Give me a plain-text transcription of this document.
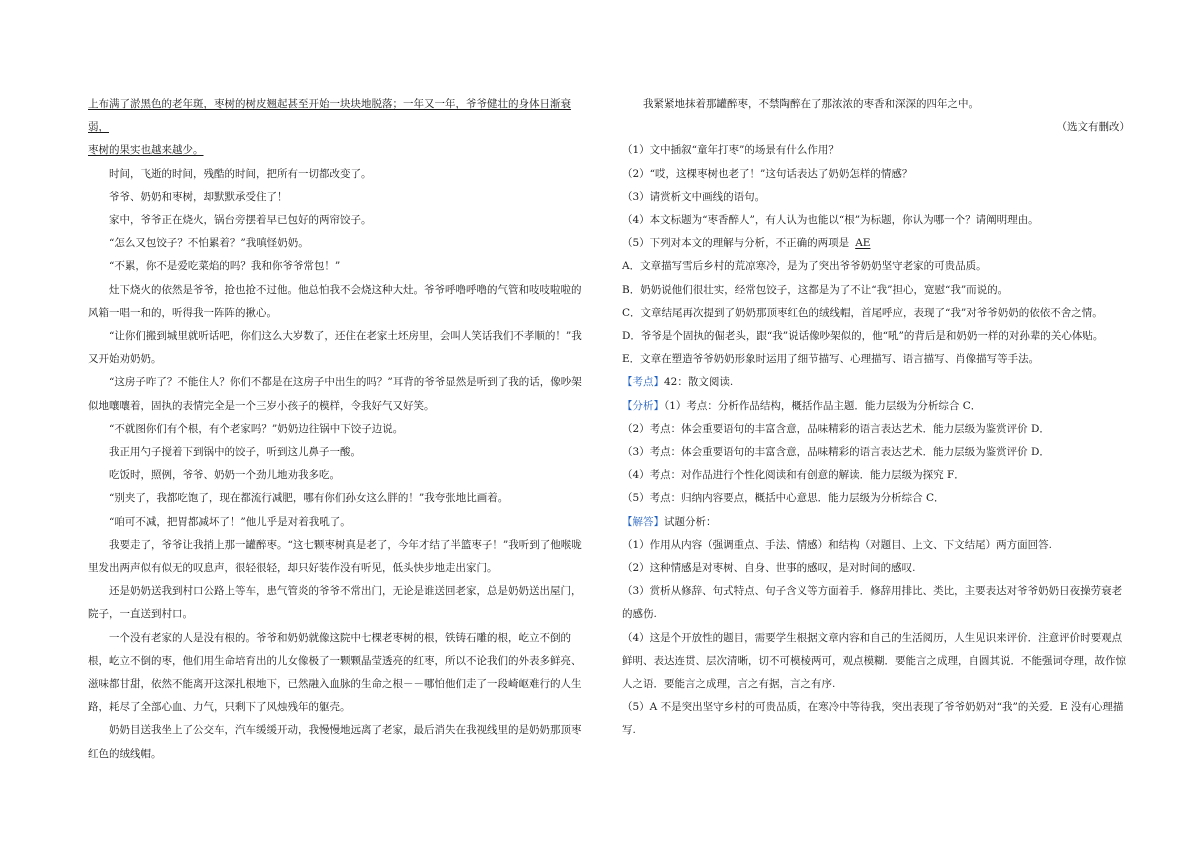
上布满了淤黑色的老年斑，枣树的树皮翘起甚至开始一块块地脱落；一年又一年，爷爷健壮的身体日渐衰弱，

枣树的果实也越来越少。

时间，飞逝的时间，残酷的时间，把所有一切都改变了。

爷爷、奶奶和枣树，却默默承受住了！

家中，爷爷正在烧火，锅台旁摆着早已包好的两帘饺子。

“怎么又包饺子？不怕累着？”我嗔怪奶奶。

“不累，你不是爱吃菜焰的吗？我和你爷爷常包！”

灶下烧火的依然是爷爷，抢也抢不过他。他总怕我不会烧这种大灶。爷爷呼噜呼噜的气管和吱吱啦啦的风箱一唱一和的，听得我一阵阵的揪心。

“让你们搬到城里就听话吧，你们这么大岁数了，还住在老家土坯房里，会叫人笑话我们不孝顺的！”我又开始劝奶奶。

“这房子咋了？不能住人？你们不都是在这房子中出生的吗？”耳背的爷爷显然是听到了我的话，像吵架似地嚷嚷着，固执的表情完全是一个三岁小孩子的模样，令我好气又好笑。

“不就图你们有个根，有个老家吗？”奶奶边往锅中下饺子边说。

我正用勺子搅着下到锅中的饺子，听到这儿鼻子一酸。

吃饭时，照例，爷爷、奶奶一个劲儿地劝我多吃。

“别夹了，我都吃饱了，现在都流行减肥，哪有你们孙女这么胖的！”我夸张地比画着。

“咱可不减，把胃都减坏了！”他儿乎是对着我吼了。

我要走了，爷爷让我捎上那一罐醉枣。“这七颗枣树真是老了，今年才结了半篮枣子！”我听到了他喉咙里发出两声似有似无的叹息声，很轻很轻，却只好装作没有听见，低头快步地走出家门。

还是奶奶送我到村口公路上等车，患气管炎的爷爷不常出门，无论是谁送回老家，总是奶奶送出屋门，院子，一直送到村口。

一个没有老家的人是没有根的。爷爷和奶奶就像这院中七棵老枣树的根，铁铸石雕的根，屹立不倒的根，屹立不倒的枣，他们用生命培育出的儿女像极了一颗颗晶莹透亮的红枣，所以不论我们的外表多鲜亮、滋味都甘甜，依然不能离开这深扎根地下，已然融入血脉的生命之根－－哪怕他们走了一段崎岖难行的人生路，耗尽了全部心血、力气，只剩下了风烛残年的躯壳。

奶奶目送我坐上了公交车，汽车缓缓开动，我慢慢地远离了老家，最后消失在我视线里的是奶奶那顶枣红色的绒线帽。

我紧紧地抹着那罐醉枣，不禁陶醉在了那浓浓的枣香和深深的四年之中。

（选文有删改）

（1）文中插叙“童年打枣”的场景有什么作用？

（2）“哎，这棵枣树也老了！”这句话表达了奶奶怎样的情感？

（3）请赏析文中画线的语句。

（4）本文标题为“枣香醉人”，有人认为也能以“根”为标题，你认为哪一个？请阐明理由。

（5）下列对本文的理解与分析，不正确的两项是 AE

A．文章描写雪后乡村的荒凉寒冷，是为了突出爷爷奶奶坚守老家的可贵品质。

B．奶奶说他们很壮实，经常包饺子，这都是为了不让“我”担心，宽慰“我”而说的。

C．文章结尾再次提到了奶奶那顶枣红色的绒线帽，首尾呼应，表现了“我”对爷爷奶奶的依依不舍之情。

D．爷爷是个固执的倔老头，跟“我”说话像吵架似的，他“吼”的背后是和奶奶一样的对孙辈的关心体贴。

E．文章在塑造爷爷奶奶形象时运用了细节描写、心理描写、语言描写、肖像描写等手法。

【考点】42：散文阅读.

【分析】（1）考点：分析作品结构，概括作品主题．能力层级为分析综合 C．

（2）考点：体会重要语句的丰富含意，品味精彩的语言表达艺术．能力层级为鉴赏评价 D．

（3）考点：体会重要语句的丰富含意，品味精彩的语言表达艺术．能力层级为鉴赏评价 D．

（4）考点：对作品进行个性化阅读和有创意的解读．能力层级为探究 F．

（5）考点：归纳内容要点，概括中心意思．能力层级为分析综合 C．

【解答】试题分析：

（1）作用从内容（强调重点、手法、情感）和结构（对题目、上文、下文结尾）两方面回答.

（2）这种情感是对枣树、自身、世事的感叹，是对时间的感叹.

（3）赏析从修辞、句式特点、句子含义等方面着手．修辞用排比、类比，主要表达对爷爷奶奶日夜操劳衰老的感伤.

（4）这是个开放性的题目，需要学生根据文章内容和自己的生活阅历，人生见识来评价．注意评价时要观点鲜明、表达连贯、层次清晰，切不可模棱两可，观点模糊．要能言之成理，自圆其说．不能强词夺理，故作惊人之语．要能言之成理，言之有据，言之有序.

（5）A 不是突出坚守乡村的可贵品质，在寒冷中等待我，突出表现了爷爷奶奶对“我”的关爱．E 没有心理描写.
